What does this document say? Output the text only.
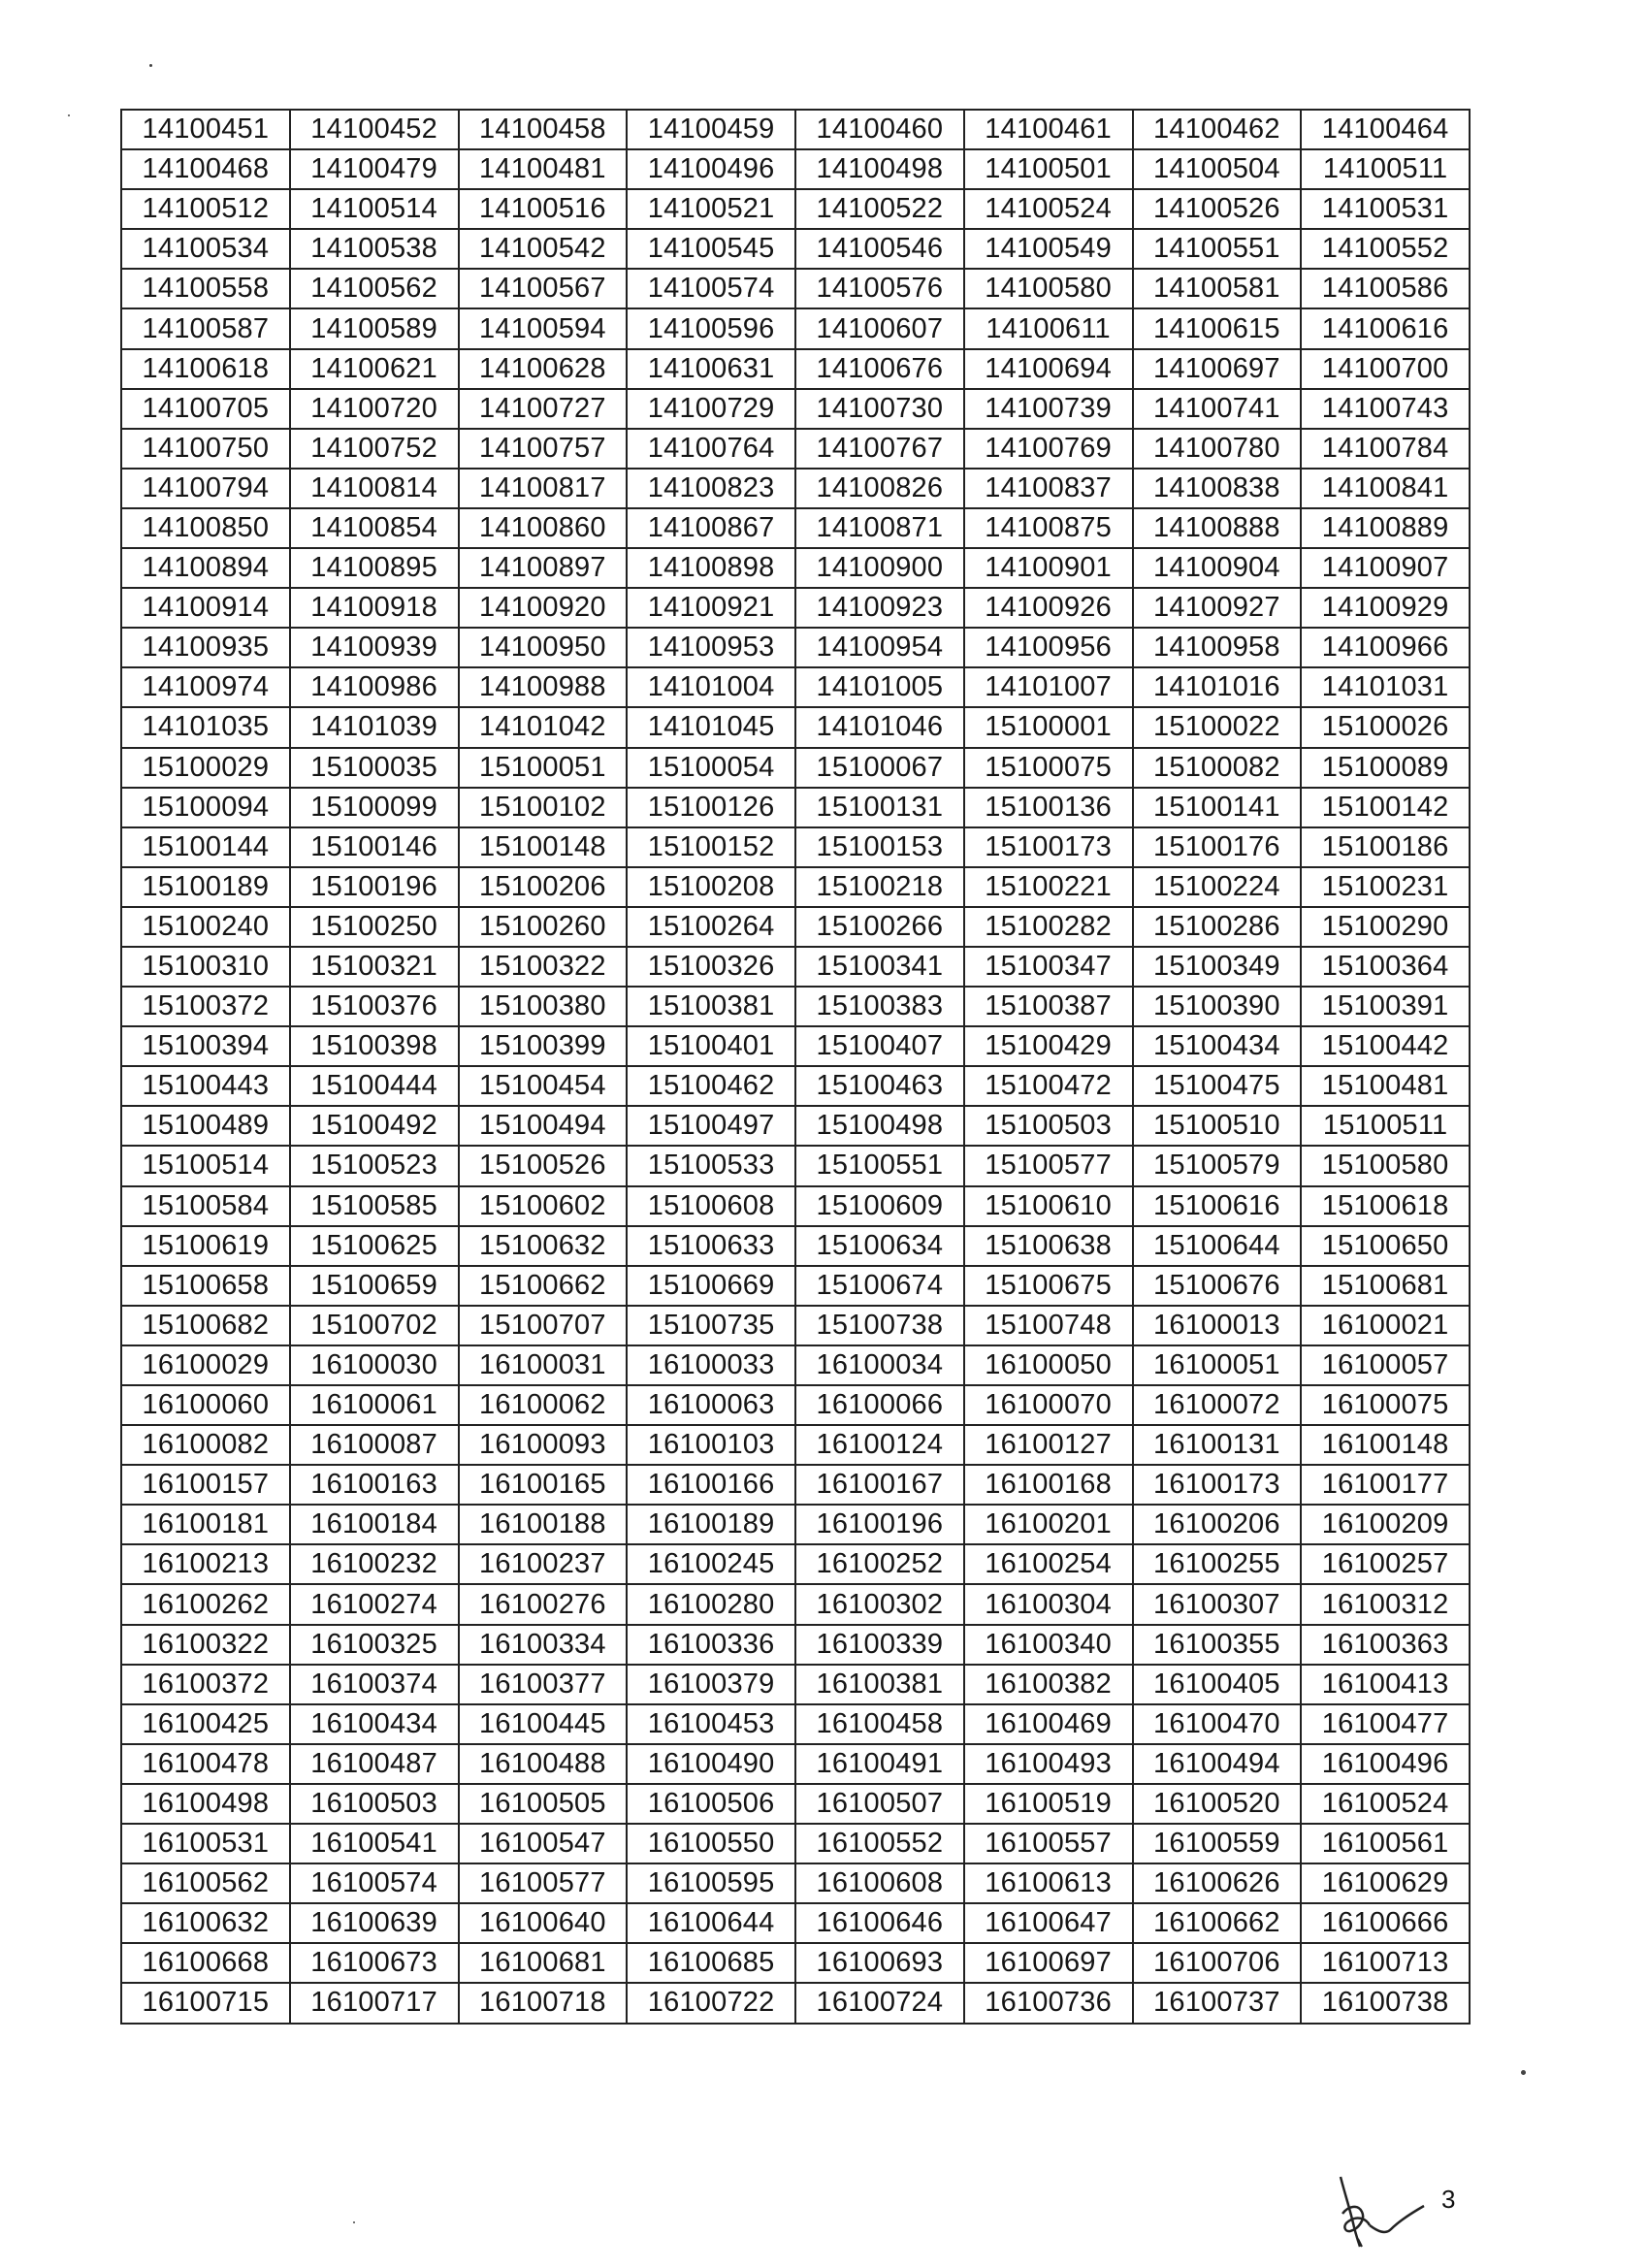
14100451	14100452	14100458	14100459	14100460	14100461	14100462	14100464
14100468	14100479	14100481	14100496	14100498	14100501	14100504	14100511
14100512	14100514	14100516	14100521	14100522	14100524	14100526	14100531
14100534	14100538	14100542	14100545	14100546	14100549	14100551	14100552
14100558	14100562	14100567	14100574	14100576	14100580	14100581	14100586
14100587	14100589	14100594	14100596	14100607	14100611	14100615	14100616
14100618	14100621	14100628	14100631	14100676	14100694	14100697	14100700
14100705	14100720	14100727	14100729	14100730	14100739	14100741	14100743
14100750	14100752	14100757	14100764	14100767	14100769	14100780	14100784
14100794	14100814	14100817	14100823	14100826	14100837	14100838	14100841
14100850	14100854	14100860	14100867	14100871	14100875	14100888	14100889
14100894	14100895	14100897	14100898	14100900	14100901	14100904	14100907
14100914	14100918	14100920	14100921	14100923	14100926	14100927	14100929
14100935	14100939	14100950	14100953	14100954	14100956	14100958	14100966
14100974	14100986	14100988	14101004	14101005	14101007	14101016	14101031
14101035	14101039	14101042	14101045	14101046	15100001	15100022	15100026
15100029	15100035	15100051	15100054	15100067	15100075	15100082	15100089
15100094	15100099	15100102	15100126	15100131	15100136	15100141	15100142
15100144	15100146	15100148	15100152	15100153	15100173	15100176	15100186
15100189	15100196	15100206	15100208	15100218	15100221	15100224	15100231
15100240	15100250	15100260	15100264	15100266	15100282	15100286	15100290
15100310	15100321	15100322	15100326	15100341	15100347	15100349	15100364
15100372	15100376	15100380	15100381	15100383	15100387	15100390	15100391
15100394	15100398	15100399	15100401	15100407	15100429	15100434	15100442
15100443	15100444	15100454	15100462	15100463	15100472	15100475	15100481
15100489	15100492	15100494	15100497	15100498	15100503	15100510	15100511
15100514	15100523	15100526	15100533	15100551	15100577	15100579	15100580
15100584	15100585	15100602	15100608	15100609	15100610	15100616	15100618
15100619	15100625	15100632	15100633	15100634	15100638	15100644	15100650
15100658	15100659	15100662	15100669	15100674	15100675	15100676	15100681
15100682	15100702	15100707	15100735	15100738	15100748	16100013	16100021
16100029	16100030	16100031	16100033	16100034	16100050	16100051	16100057
16100060	16100061	16100062	16100063	16100066	16100070	16100072	16100075
16100082	16100087	16100093	16100103	16100124	16100127	16100131	16100148
16100157	16100163	16100165	16100166	16100167	16100168	16100173	16100177
16100181	16100184	16100188	16100189	16100196	16100201	16100206	16100209
16100213	16100232	16100237	16100245	16100252	16100254	16100255	16100257
16100262	16100274	16100276	16100280	16100302	16100304	16100307	16100312
16100322	16100325	16100334	16100336	16100339	16100340	16100355	16100363
16100372	16100374	16100377	16100379	16100381	16100382	16100405	16100413
16100425	16100434	16100445	16100453	16100458	16100469	16100470	16100477
16100478	16100487	16100488	16100490	16100491	16100493	16100494	16100496
16100498	16100503	16100505	16100506	16100507	16100519	16100520	16100524
16100531	16100541	16100547	16100550	16100552	16100557	16100559	16100561
16100562	16100574	16100577	16100595	16100608	16100613	16100626	16100629
16100632	16100639	16100640	16100644	16100646	16100647	16100662	16100666
16100668	16100673	16100681	16100685	16100693	16100697	16100706	16100713
16100715	16100717	16100718	16100722	16100724	16100736	16100737	16100738
3
